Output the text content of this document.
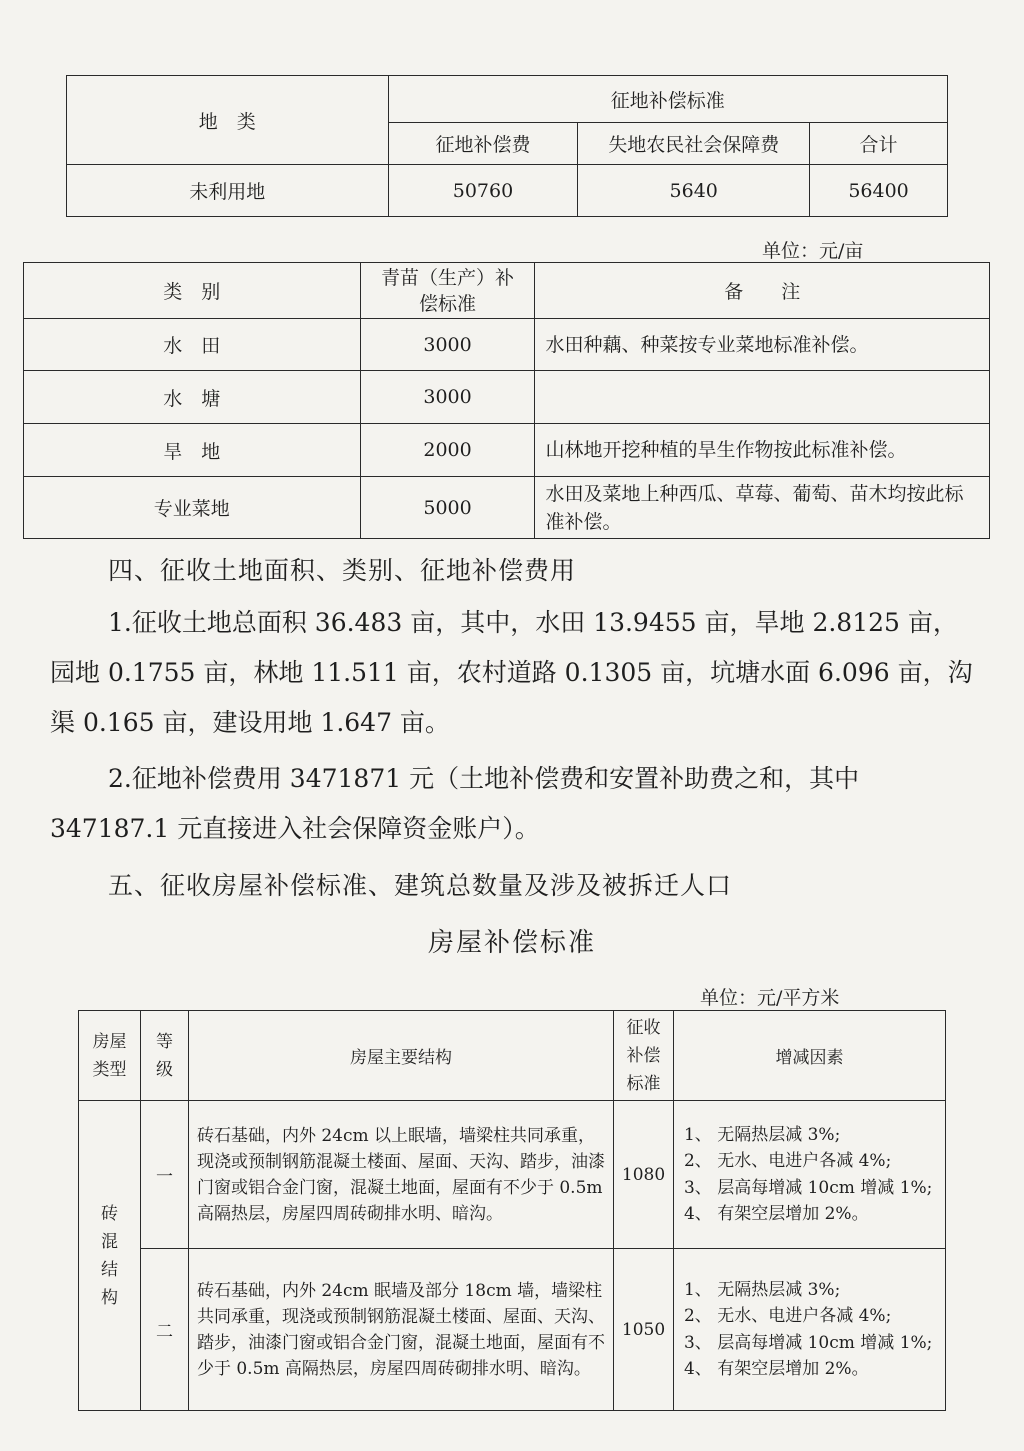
地　类	征地补偿标准		
	征地补偿费	失地农民社会保障费	合计
未利用地	50760	5640	56400
单位：元/亩
类　别	青苗（生产）补偿标准	备　　注
水　田	3000	水田种藕、种菜按专业菜地标准补偿。
水　塘	3000	
旱　地	2000	山林地开挖种植的旱生作物按此标准补偿。
专业菜地	5000	水田及菜地上种西瓜、草莓、葡萄、苗木均按此标准补偿。
四、征收土地面积、类别、征地补偿费用
1.征收土地总面积 36.483 亩，其中，水田 13.9455 亩，旱地 2.8125 亩，园地 0.1755 亩，林地 11.511 亩，农村道路 0.1305 亩，坑塘水面 6.096 亩，沟渠 0.165 亩，建设用地 1.647 亩。
2.征地补偿费用 3471871 元（土地补偿费和安置补助费之和，其中 347187.1 元直接进入社会保障资金账户）。
五、征收房屋补偿标准、建筑总数量及涉及被拆迁人口
房屋补偿标准
单位：元/平方米
房屋类型	等级	房屋主要结构	征收补偿标准	增减因素
砖混结构	一	砖石基础，内外 24cm 以上眠墙，墙梁柱共同承重，现浇或预制钢筋混凝土楼面、屋面、天沟、踏步，油漆门窗或铝合金门窗，混凝土地面，屋面有不少于 0.5m 高隔热层，房屋四周砖砌排水明、暗沟。	1080	1、 无隔热层减 3%;
2、 无水、电进户各减 4%;
3、 层高每增减 10cm 增减 1%;
4、 有架空层增加 2%。
	二	砖石基础，内外 24cm 眠墙及部分 18cm 墙，墙梁柱共同承重，现浇或预制钢筋混凝土楼面、屋面、天沟、踏步，油漆门窗或铝合金门窗，混凝土地面，屋面有不少于 0.5m 高隔热层，房屋四周砖砌排水明、暗沟。	1050	1、 无隔热层减 3%;
2、 无水、电进户各减 4%;
3、 层高每增减 10cm 增减 1%;
4、 有架空层增加 2%。
